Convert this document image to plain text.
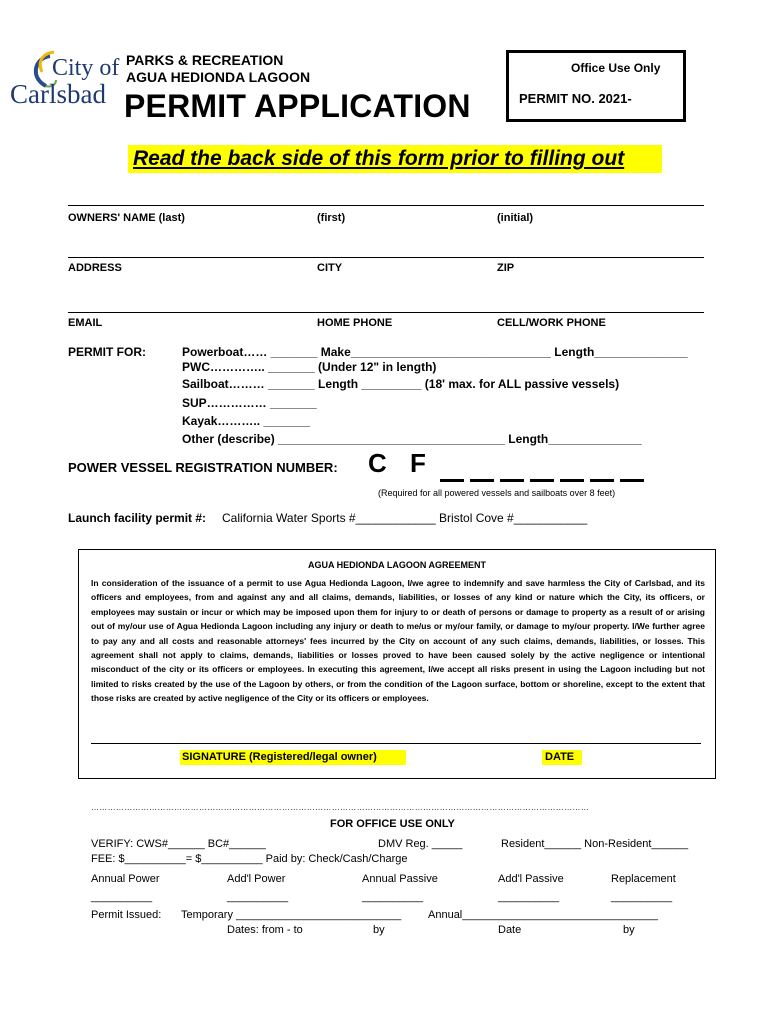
City of
Carlsbad
PARKS & RECREATION
AGUA HEDIONDA LAGOON
PERMIT APPLICATION
Office Use Only
PERMIT NO. 2021-
Read the back side of this form prior to filling out
OWNERS' NAME (last)	(first)	(initial)
ADDRESS	CITY	ZIP
EMAIL	HOME PHONE	CELL/WORK PHONE
PERMIT FOR:	Powerboat…… _______ Make______________________________ Length______________
PWC………….. _______ (Under 12" in length)
Sailboat……… _______ Length _________ (18' max. for ALL passive vessels)
SUP…………… _______
Kayak……….. _______
Other (describe) __________________________________ Length______________
POWER VESSEL REGISTRATION NUMBER: C F
(Required for all powered vessels and sailboats over 8 feet)
Launch facility permit #: California Water Sports #____________ Bristol Cove #___________
AGUA HEDIONDA LAGOON AGREEMENT
In consideration of the issuance of a permit to use Agua Hedionda Lagoon, I/we agree to indemnify and save harmless the City of Carlsbad, and its officers and employees, from and against any and all claims, demands, liabilities, or losses of any kind or nature which the City, its officers, or employees may sustain or incur or which may be imposed upon them for injury to or death of persons or damage to property as a result of or arising out of my/our use of Agua Hedionda Lagoon including any injury or death to me/us or my/our family, or damage to my/our property. I/We further agree to pay any and all costs and reasonable attorneys' fees incurred by the City on account of any such claims, demands, liabilities, or losses. This agreement shall not apply to claims, demands, liabilities or losses proved to have been caused solely by the active negligence or intentional misconduct of the city or its officers or employees. In executing this agreement, I/we accept all risks present in using the Lagoon including but not limited to risks created by the use of the Lagoon by others, or from the condition of the Lagoon surface, bottom or shoreline, except to the extent that those risks are created by active negligence of the City or its officers or employees.
SIGNATURE (Registered/legal owner)	DATE
………………………………………………………………………………………………………………………………………………………………
FOR OFFICE USE ONLY
VERIFY: CWS#______ BC#______	DMV Reg. _____	Resident______ Non-Resident______
FEE: $__________= $__________ Paid by: Check/Cash/Charge
Annual Power	Add'l Power	Annual Passive	Add'l Passive	Replacement
__________	__________	__________	__________	__________
Permit Issued: Temporary ___________________________ Annual________________________________
Dates: from - to	by	Date	by
